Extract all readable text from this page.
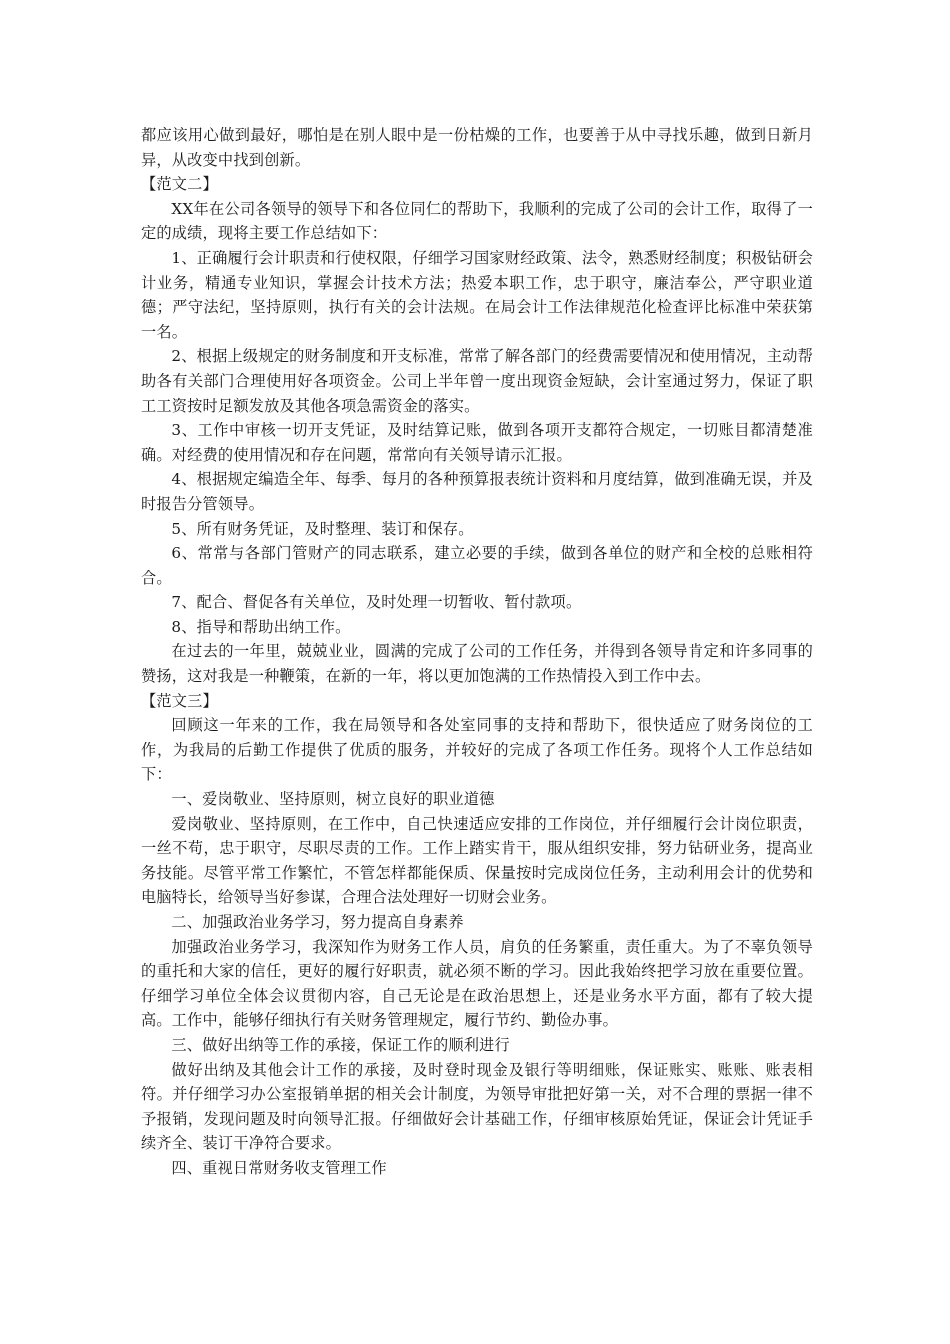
都应该用心做到最好，哪怕是在别人眼中是一份枯燥的工作，也要善于从中寻找乐趣，做到日新月异，从改变中找到创新。

【范文二】

XX年在公司各领导的领导下和各位同仁的帮助下，我顺利的完成了公司的会计工作，取得了一定的成绩，现将主要工作总结如下：

1、正确履行会计职责和行使权限，仔细学习国家财经政策、法令，熟悉财经制度；积极钻研会计业务，精通专业知识，掌握会计技术方法；热爱本职工作，忠于职守，廉洁奉公，严守职业道德；严守法纪，坚持原则，执行有关的会计法规。在局会计工作法律规范化检查评比标准中荣获第一名。

2、根据上级规定的财务制度和开支标准，常常了解各部门的经费需要情况和使用情况，主动帮助各有关部门合理使用好各项资金。公司上半年曾一度出现资金短缺，会计室通过努力，保证了职工工资按时足额发放及其他各项急需资金的落实。

3、工作中审核一切开支凭证，及时结算记账，做到各项开支都符合规定，一切账目都清楚准确。对经费的使用情况和存在问题，常常向有关领导请示汇报。

4、根据规定编造全年、每季、每月的各种预算报表统计资料和月度结算，做到准确无误，并及时报告分管领导。

5、所有财务凭证，及时整理、装订和保存。

6、常常与各部门管财产的同志联系，建立必要的手续，做到各单位的财产和全校的总账相符合。

7、配合、督促各有关单位，及时处理一切暂收、暂付款项。

8、指导和帮助出纳工作。

在过去的一年里，兢兢业业，圆满的完成了公司的工作任务，并得到各领导肯定和许多同事的赞扬，这对我是一种鞭策，在新的一年，将以更加饱满的工作热情投入到工作中去。

【范文三】

回顾这一年来的工作，我在局领导和各处室同事的支持和帮助下，很快适应了财务岗位的工作，为我局的后勤工作提供了优质的服务，并较好的完成了各项工作任务。现将个人工作总结如下：

一、爱岗敬业、坚持原则，树立良好的职业道德

爱岗敬业、坚持原则，在工作中，自己快速适应安排的工作岗位，并仔细履行会计岗位职责，一丝不苟，忠于职守，尽职尽责的工作。工作上踏实肯干，服从组织安排，努力钻研业务，提高业务技能。尽管平常工作繁忙，不管怎样都能保质、保量按时完成岗位任务，主动利用会计的优势和电脑特长，给领导当好参谋，合理合法处理好一切财会业务。

二、加强政治业务学习，努力提高自身素养

加强政治业务学习，我深知作为财务工作人员，肩负的任务繁重，责任重大。为了不辜负领导的重托和大家的信任，更好的履行好职责，就必须不断的学习。因此我始终把学习放在重要位置。仔细学习单位全体会议贯彻内容，自己无论是在政治思想上，还是业务水平方面，都有了较大提高。工作中，能够仔细执行有关财务管理规定，履行节约、勤俭办事。

三、做好出纳等工作的承接，保证工作的顺利进行

做好出纳及其他会计工作的承接，及时登时现金及银行等明细账，保证账实、账账、账表相符。并仔细学习办公室报销单据的相关会计制度，为领导审批把好第一关，对不合理的票据一律不予报销，发现问题及时向领导汇报。仔细做好会计基础工作，仔细审核原始凭证，保证会计凭证手续齐全、装订干净符合要求。

四、重视日常财务收支管理工作
